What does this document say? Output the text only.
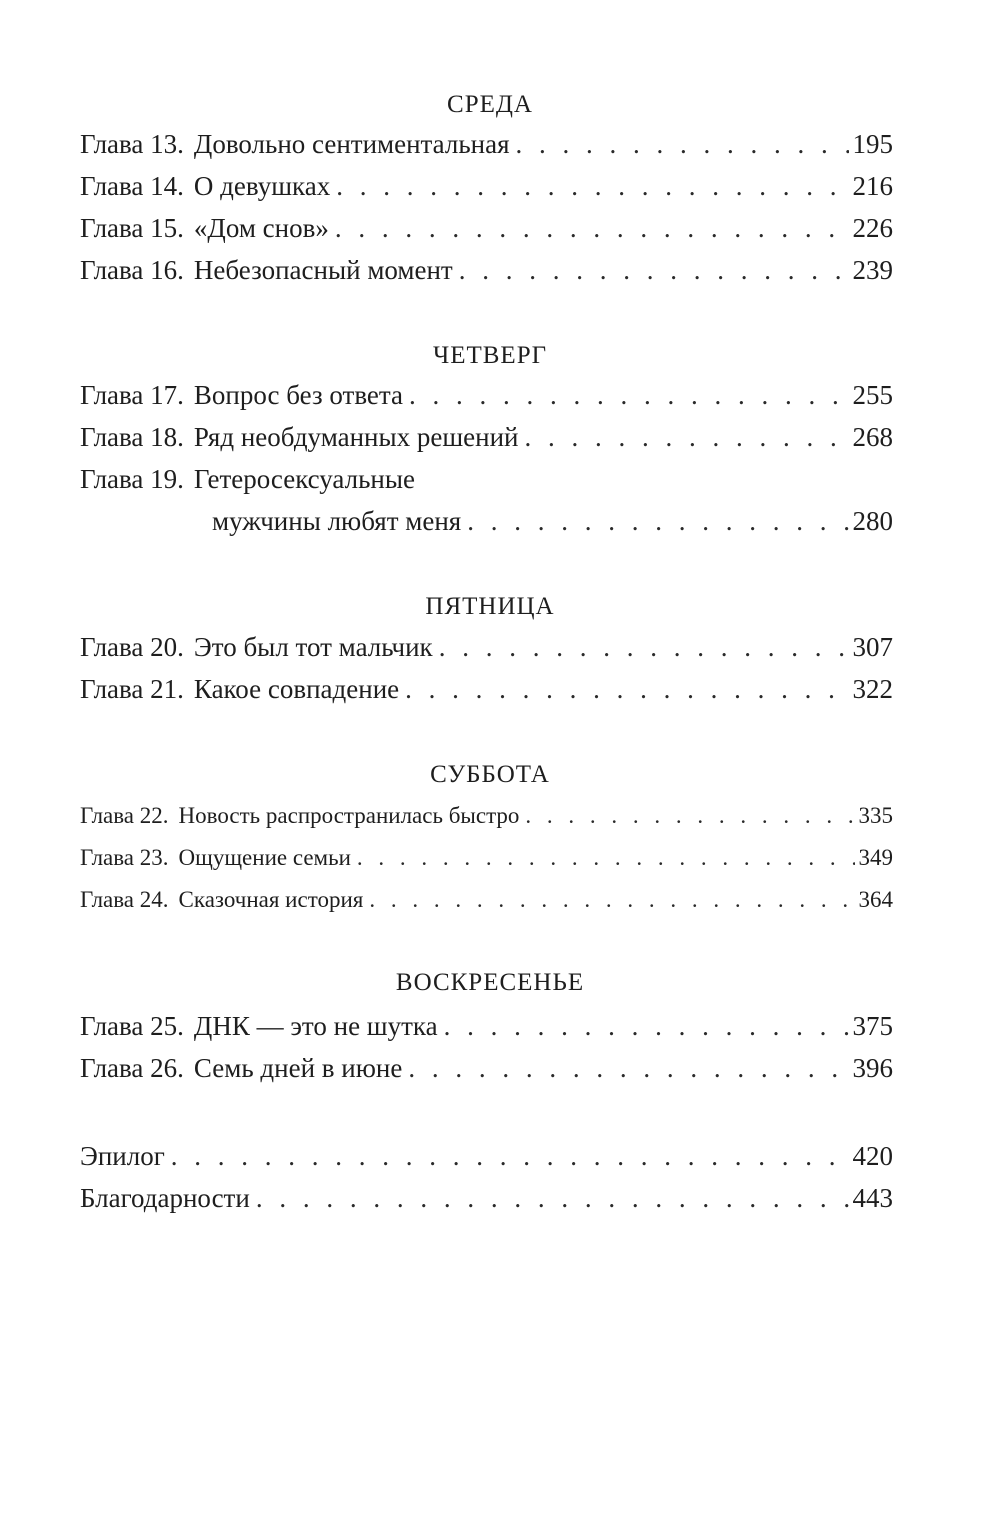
СРЕДА
Глава 13. Довольно сентиментальная . . .	195
Глава 14. О девушках . . .	216
Глава 15. «Дом снов» . . .	226
Глава 16. Небезопасный момент . . .	239
ЧЕТВЕРГ
Глава 17. Вопрос без ответа . . .	255
Глава 18. Ряд необдуманных решений . . .	268
Глава 19. Гетеросексуальные
мужчины любят меня . . .	280
ПЯТНИЦА
Глава 20. Это был тот мальчик . . .	307
Глава 21. Какое совпадение . . .	322
СУББОТА
Глава 22. Новость распространилась быстро . . .	335
Глава 23. Ощущение семьи . . .	349
Глава 24. Сказочная история . . .	364
ВОСКРЕСЕНЬЕ
Глава 25. ДНК — это не шутка . . .	375
Глава 26. Семь дней в июне . . .	396
Эпилог . . .	420
Благодарности . . .	443
